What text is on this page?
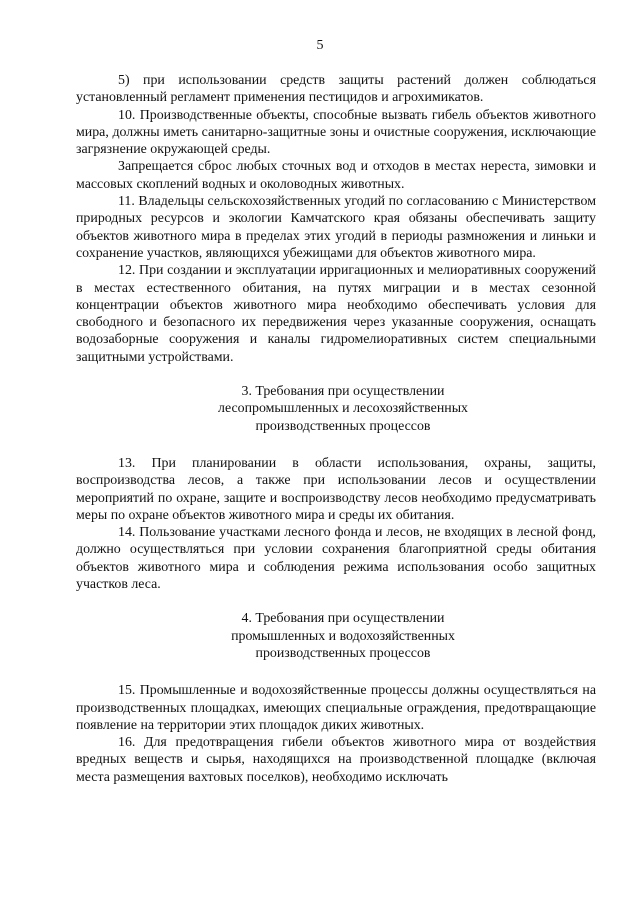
5

5) при использовании средств защиты растений должен соблюдаться установленный регламент применения пестицидов и агрохимикатов.

10. Производственные объекты, способные вызвать гибель объектов животного мира, должны иметь санитарно-защитные зоны и очистные сооружения, исключающие загрязнение окружающей среды.

Запрещается сброс любых сточных вод и отходов в местах нереста, зимовки и массовых скоплений водных и околоводных животных.

11. Владельцы сельскохозяйственных угодий по согласованию с Министерством природных ресурсов и экологии Камчатского края обязаны обеспечивать защиту объектов животного мира в пределах этих угодий в периоды размножения и линьки и сохранение участков, являющихся убежищами для объектов животного мира.

12. При создании и эксплуатации ирригационных и мелиоративных сооружений в местах естественного обитания, на путях миграции и в местах сезонной концентрации объектов животного мира необходимо обеспечивать условия для свободного и безопасного их передвижения через указанные сооружения, оснащать водозаборные сооружения и каналы гидромелиоративных систем специальными защитными устройствами.

3. Требования при осуществлении
лесопромышленных и лесохозяйственных
производственных процессов

13. При планировании в области использования, охраны, защиты, воспроизводства лесов, а также при использовании лесов и осуществлении мероприятий по охране, защите и воспроизводству лесов необходимо предусматривать меры по охране объектов животного мира и среды их обитания.

14. Пользование участками лесного фонда и лесов, не входящих в лесной фонд, должно осуществляться при условии сохранения благоприятной среды обитания объектов животного мира и соблюдения режима использования особо защитных участков леса.

4. Требования при осуществлении
промышленных и водохозяйственных
производственных процессов

15. Промышленные и водохозяйственные процессы должны осуществляться на производственных площадках, имеющих специальные ограждения, предотвращающие появление на территории этих площадок диких животных.

16. Для предотвращения гибели объектов животного мира от воздействия вредных веществ и сырья, находящихся на производственной площадке (включая места размещения вахтовых поселков), необходимо исключать
